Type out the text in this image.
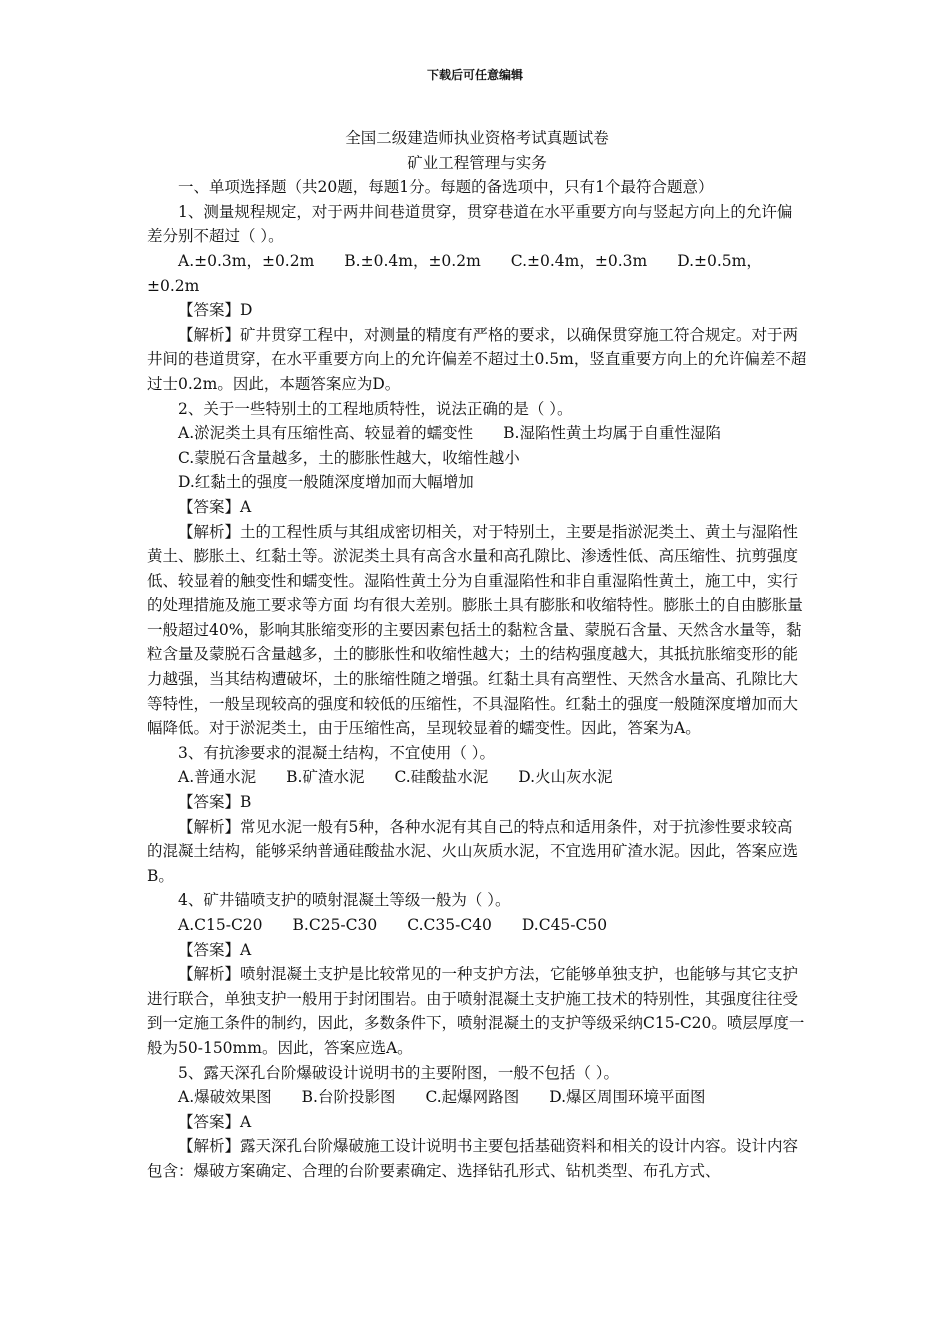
下载后可任意编辑
全国二级建造师执业资格考试真题试卷
矿业工程管理与实务
一、单项选择题（共20题，每题1分。每题的备选项中，只有1个最符合题意）
1、测量规程规定，对于两井间巷道贯穿，贯穿巷道在水平重要方向与竖起方向上的允许偏差分别不超过（ ）。
A.±0.3m，±0.2m B.±0.4m，±0.2m C.±0.4m，±0.3m D.±0.5m，
±0.2m
【答案】D
【解析】矿井贯穿工程中，对测量的精度有严格的要求，以确保贯穿施工符合规定。对于两井间的巷道贯穿，在水平重要方向上的允许偏差不超过土0.5m，竖直重要方向上的允许偏差不超过士0.2m。因此，本题答案应为D。
2、关于一些特别土的工程地质特性，说法正确的是（ ）。
A.淤泥类土具有压缩性高、较显着的蠕变性 B.湿陷性黄土均属于自重性湿陷
C.蒙脱石含量越多，土的膨胀性越大，收缩性越小
D.红黏土的强度一般随深度增加而大幅增加
【答案】A
【解析】土的工程性质与其组成密切相关，对于特别土，主要是指淤泥类土、黄土与湿陷性黄土、膨胀土、红黏土等。淤泥类土具有高含水量和高孔隙比、渗透性低、高压缩性、抗剪强度低、较显着的触变性和蠕变性。湿陷性黄土分为自重湿陷性和非自重湿陷性黄土，施工中，实行的处理措施及施工要求等方面 均有很大差别。膨胀土具有膨胀和收缩特性。膨胀土的自由膨胀量一般超过40%，影响其胀缩变形的主要因素包括土的黏粒含量、蒙脱石含量、天然含水量等，黏粒含量及蒙脱石含量越多，土的膨胀性和收缩性越大；土的结构强度越大，其抵抗胀缩变形的能力越强，当其结构遭破坏，土的胀缩性随之增强。红黏土具有高塑性、天然含水量高、孔隙比大等特性，一般呈现较高的强度和较低的压缩性，不具湿陷性。红黏土的强度一般随深度增加而大幅降低。对于淤泥类土，由于压缩性高，呈现较显着的蠕变性。因此，答案为A。
3、有抗渗要求的混凝土结构，不宜使用（ ）。
A.普通水泥 B.矿渣水泥 C.硅酸盐水泥 D.火山灰水泥
【答案】B
【解析】常见水泥一般有5种，各种水泥有其自己的特点和适用条件，对于抗渗性要求较高的混凝土结构，能够采纳普通硅酸盐水泥、火山灰质水泥，不宜选用矿渣水泥。因此，答案应选B。
4、矿井锚喷支护的喷射混凝土等级一般为（ ）。
A.C15-C20 B.C25-C30 C.C35-C40 D.C45-C50
【答案】A
【解析】喷射混凝土支护是比较常见的一种支护方法，它能够单独支护，也能够与其它支护进行联合，单独支护一般用于封闭围岩。由于喷射混凝土支护施工技术的特别性，其强度往往受到一定施工条件的制约，因此，多数条件下，喷射混凝土的支护等级采纳C15-C20。喷层厚度一般为50-150mm。因此，答案应选A。
5、露天深孔台阶爆破设计说明书的主要附图，一般不包括（ ）。
A.爆破效果图 B.台阶投影图 C.起爆网路图 D.爆区周围环境平面图
【答案】A
【解析】露天深孔台阶爆破施工设计说明书主要包括基础资料和相关的设计内容。设计内容包含：爆破方案确定、合理的台阶要素确定、选择钻孔形式、钻机类型、布孔方式、
